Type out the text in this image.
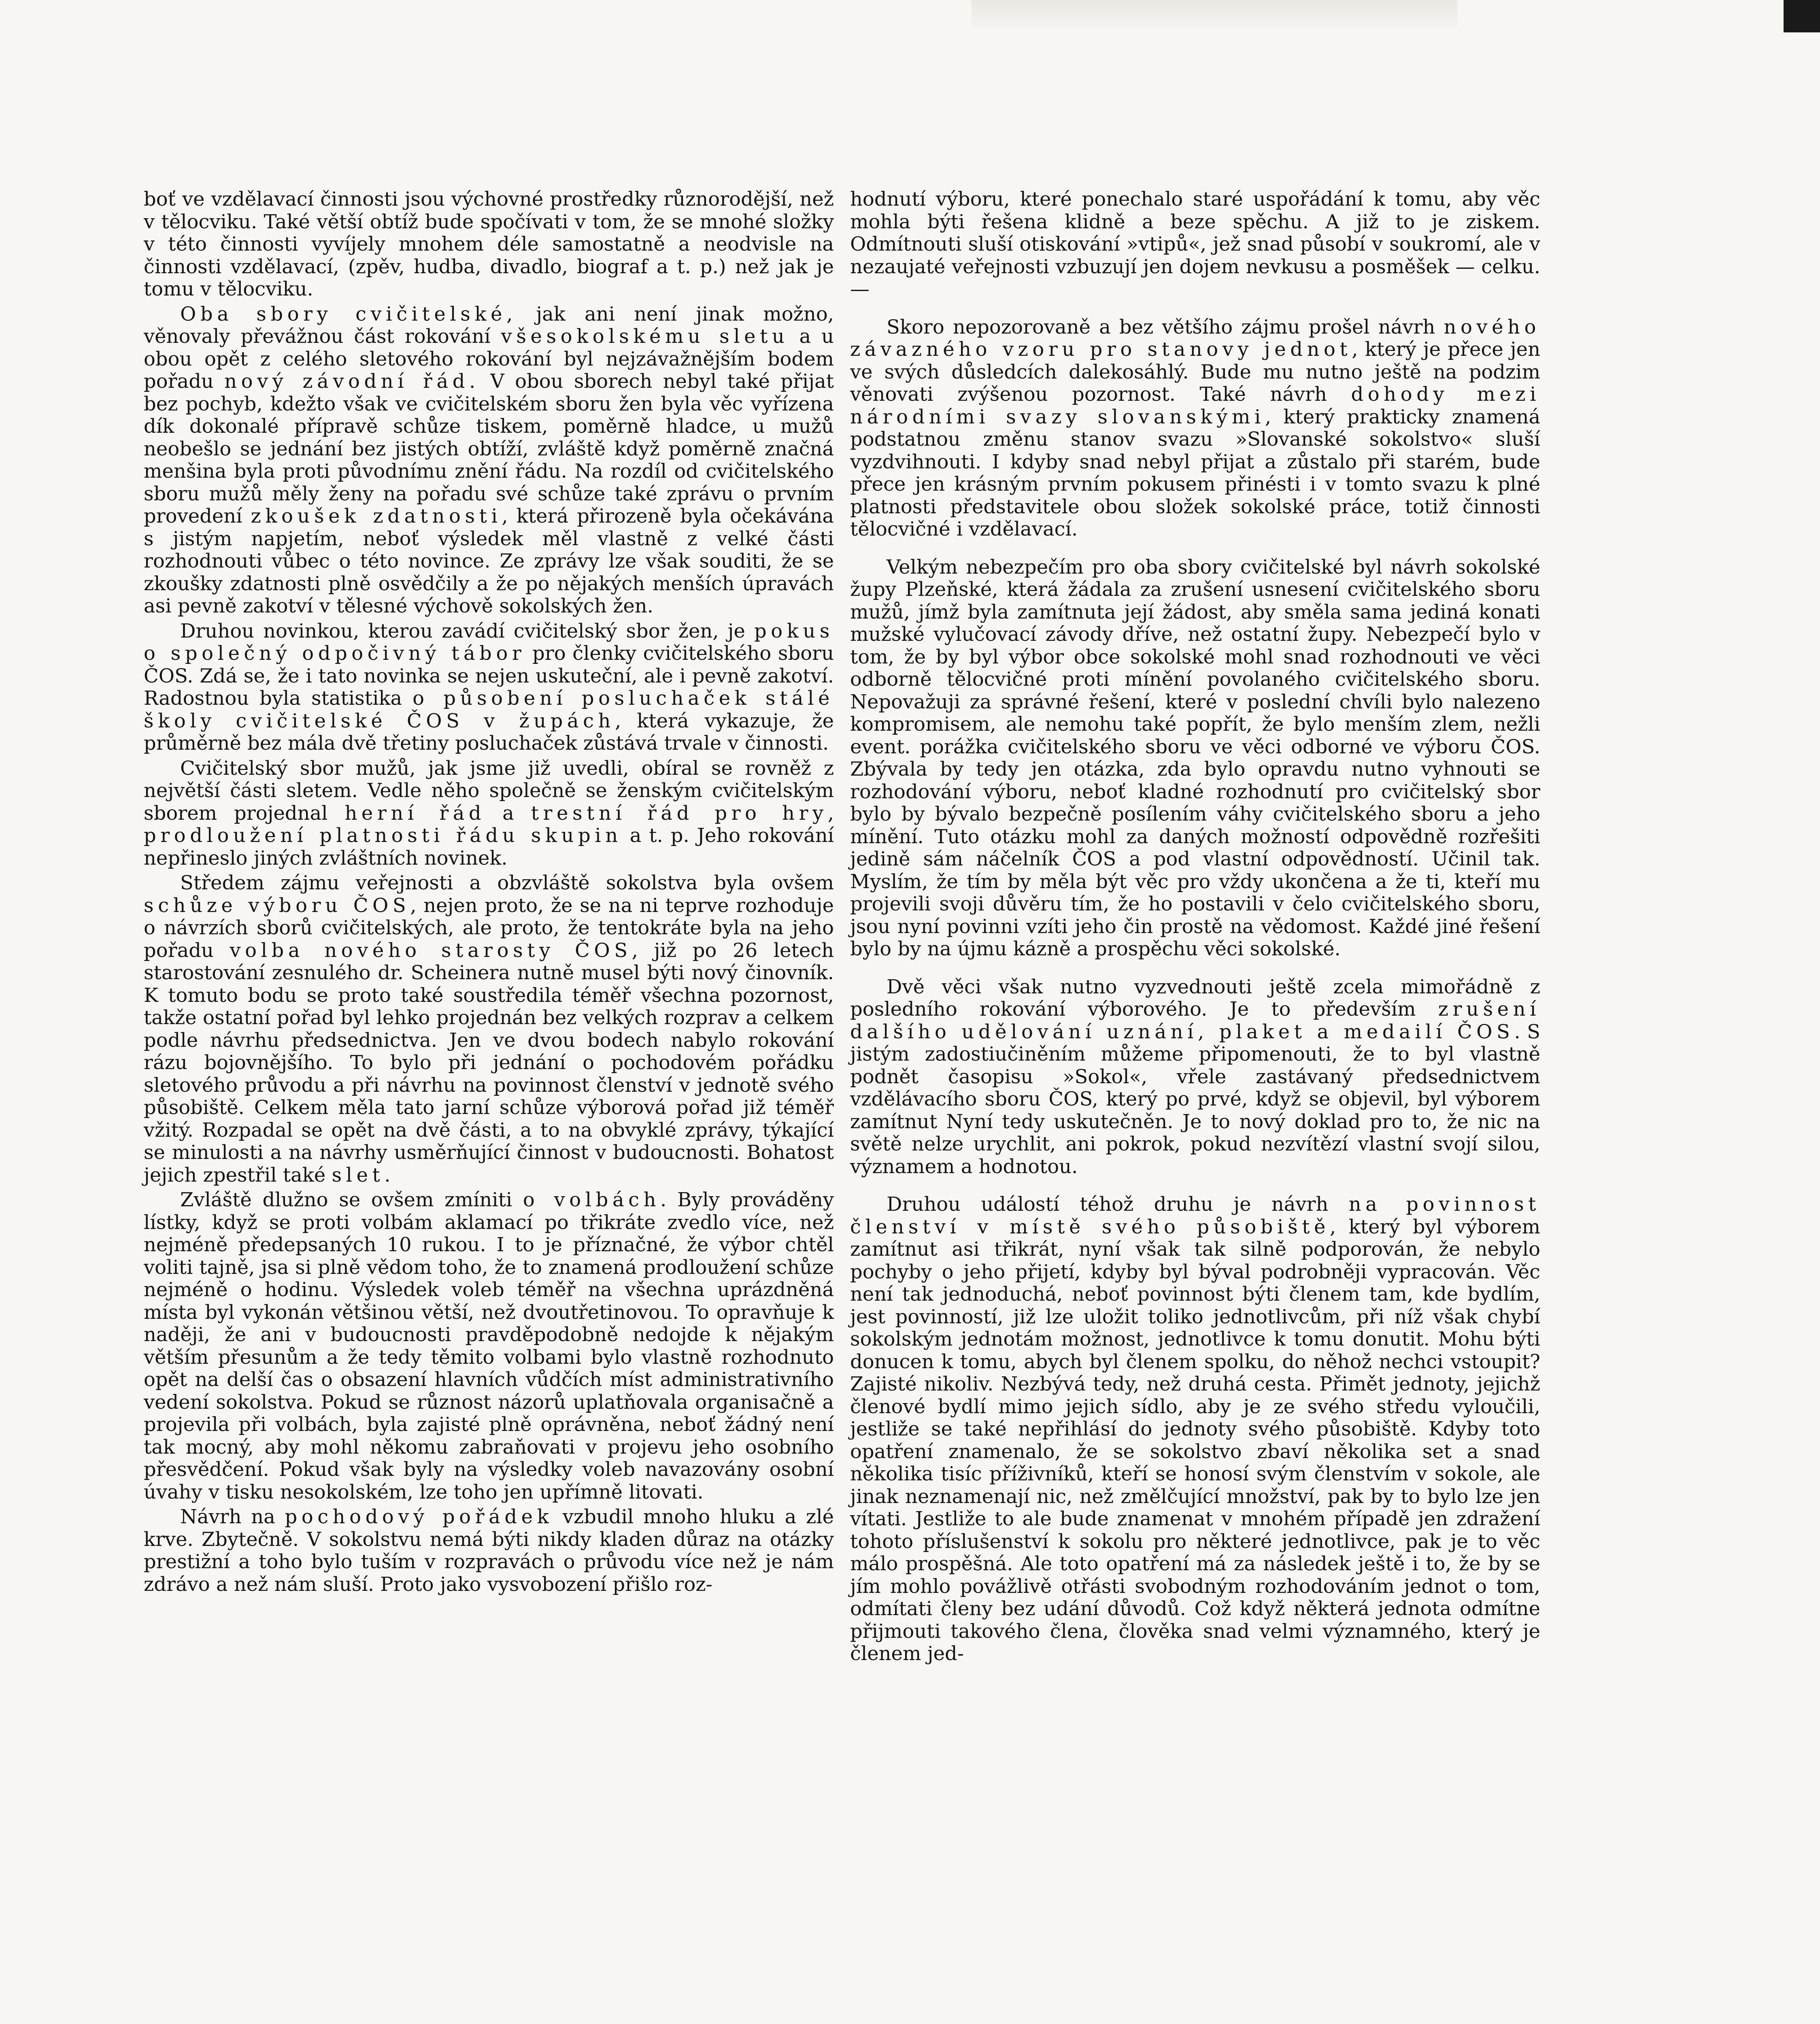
boť ve vzdělavací činnosti jsou výchovné prostředky různorodější, než v tělocviku. Také větší obtíž bude spočívati v tom, že se mnohé složky v této činnosti vyvíjely mnohem déle samostatně a neodvisle na činnosti vzdělavací, (zpěv, hudba, divadlo, biograf a t. p.) než jak je tomu v tělocviku.

Oba sbory cvičitelské, jak ani není jinak možno, věnovaly převážnou část rokování všesokolskému sletu a u obou opět z celého sletového rokování byl nejzávažnějším bodem pořadu nový závodní řád. V obou sborech nebyl také přijat bez pochyb, kdežto však ve cvičitelském sboru žen byla věc vyřízena dík dokonalé přípravě schůze tiskem, poměrně hladce, u mužů neobešlo se jednání bez jistých obtíží, zvláště když poměrně značná menšina byla proti původnímu znění řádu. Na rozdíl od cvičitelského sboru mužů měly ženy na pořadu své schůze také zprávu o prvním provedení zkoušek zdatnosti, která přirozeně byla očekávána s jistým napjetím, neboť výsledek měl vlastně z velké části rozhodnouti vůbec o této novince. Ze zprávy lze však souditi, že se zkoušky zdatnosti plně osvědčily a že po nějakých menších úpravách asi pevně zakotví v tělesné výchově sokolských žen.

Druhou novinkou, kterou zavádí cvičitelský sbor žen, je pokus o společný odpočivný tábor pro členky cvičitelského sboru ČOS. Zdá se, že i tato novinka se nejen uskuteční, ale i pevně zakotví. Radostnou byla statistika o působení posluchaček stálé školy cvičitelské ČOS v župách, která vykazuje, že průměrně bez mála dvě třetiny posluchaček zůstává trvale v činnosti.

Cvičitelský sbor mužů, jak jsme již uvedli, obíral se rovněž z největší části sletem. Vedle něho společně se ženským cvičitelským sborem projednal herní řád a trestní řád pro hry, prodloužení platnosti řádu skupin a t. p. Jeho rokování nepřineslo jiných zvláštních novinek.

Středem zájmu veřejnosti a obzvláště sokolstva byla ovšem schůze výboru ČOS, nejen proto, že se na ni teprve rozhoduje o návrzích sborů cvičitelských, ale proto, že tentokráte byla na jeho pořadu volba nového starosty ČOS, již po 26 letech starostování zesnulého dr. Scheinera nutně musel býti nový činovník. K tomuto bodu se proto také soustředila téměř všechna pozornost, takže ostatní pořad byl lehko projednán bez velkých rozprav a celkem podle návrhu předsednictva. Jen ve dvou bodech nabylo rokování rázu bojovnějšího. To bylo při jednání o pochodovém pořádku sletového průvodu a při návrhu na povinnost členství v jednotě svého působiště. Celkem měla tato jarní schůze výborová pořad již téměř vžitý. Rozpadal se opět na dvě části, a to na obvyklé zprávy, týkající se minulosti a na návrhy usměrňující činnost v budoucnosti. Bohatost jejich zpestřil také slet.

Zvláště dlužno se ovšem zmíniti o volbách. Byly prováděny lístky, když se proti volbám aklamací po třikráte zvedlo více, než nejméně předepsaných 10 rukou. I to je příznačné, že výbor chtěl voliti tajně, jsa si plně vědom toho, že to znamená prodloužení schůze nejméně o hodinu. Výsledek voleb téměř na všechna uprázdněná místa byl vykonán většinou větší, než dvoutřetinovou. To opravňuje k naději, že ani v budoucnosti pravděpodobně nedojde k nějakým větším přesunům a že tedy těmito volbami bylo vlastně rozhodnuto opět na delší čas o obsazení hlavních vůdčích míst administrativního vedení sokolstva. Pokud se různost názorů uplatňovala organisačně a projevila při volbách, byla zajisté plně oprávněna, neboť žádný není tak mocný, aby mohl někomu zabraňovati v projevu jeho osobního přesvědčení. Pokud však byly na výsledky voleb navazovány osobní úvahy v tisku nesokolském, lze toho jen upřímně litovati.

Návrh na pochodový pořádek vzbudil mnoho hluku a zlé krve. Zbytečně. V sokolstvu nemá býti nikdy kladen důraz na otázky prestižní a toho bylo tuším v rozpravách o průvodu více než je nám zdrávo a než nám sluší. Proto jako vysvobození přišlo roz-

hodnutí výboru, které ponechalo staré uspořádání k tomu, aby věc mohla býti řešena klidně a beze spěchu. A již to je ziskem. Odmítnouti sluší otiskování »vtipů«, jež snad působí v soukromí, ale v nezaujaté veřejnosti vzbuzují jen dojem nevkusu a posměšek — celku. —

Skoro nepozorovaně a bez většího zájmu prošel návrh nového závazného vzoru pro stanovy jednot, který je přece jen ve svých důsledcích dalekosáhlý. Bude mu nutno ještě na podzim věnovati zvýšenou pozornost. Také návrh dohody mezi národními svazy slovanskými, který prakticky znamená podstatnou změnu stanov svazu »Slovanské sokolstvo« sluší vyzdvihnouti. I kdyby snad nebyl přijat a zůstalo při starém, bude přece jen krásným prvním pokusem přinésti i v tomto svazu k plné platnosti představitele obou složek sokolské práce, totiž činnosti tělocvičné i vzdělavací.

Velkým nebezpečím pro oba sbory cvičitelské byl návrh sokolské župy Plzeňské, která žádala za zrušení usnesení cvičitelského sboru mužů, jímž byla zamítnuta její žádost, aby směla sama jediná konati mužské vylučovací závody dříve, než ostatní župy. Nebezpečí bylo v tom, že by byl výbor obce sokolské mohl snad rozhodnouti ve věci odborně tělocvičné proti mínění povolaného cvičitelského sboru. Nepovažuji za správné řešení, které v poslední chvíli bylo nalezeno kompromisem, ale nemohu také popřít, že bylo menším zlem, nežli event. porážka cvičitelského sboru ve věci odborné ve výboru ČOS. Zbývala by tedy jen otázka, zda bylo opravdu nutno vyhnouti se rozhodování výboru, neboť kladné rozhodnutí pro cvičitelský sbor bylo by bývalo bezpečně posílením váhy cvičitelského sboru a jeho mínění. Tuto otázku mohl za daných možností odpovědně rozřešiti jedině sám náčelník ČOS a pod vlastní odpovědností. Učinil tak. Myslím, že tím by měla být věc pro vždy ukončena a že ti, kteří mu projevili svoji důvěru tím, že ho postavili v čelo cvičitelského sboru, jsou nyní povinni vzíti jeho čin prostě na vědomost. Každé jiné řešení bylo by na újmu kázně a prospěchu věci sokolské.

Dvě věci však nutno vyzvednouti ještě zcela mimořádně z posledního rokování výborového. Je to především zrušení dalšího udělování uznání, plaket a medailí ČOS. S jistým zadostiučiněním můžeme připomenouti, že to byl vlastně podnět časopisu »Sokol«, vřele zastávaný předsednictvem vzdělávacího sboru ČOS, který po prvé, když se objevil, byl výborem zamítnut Nyní tedy uskutečněn. Je to nový doklad pro to, že nic na světě nelze urychlit, ani pokrok, pokud nezvítězí vlastní svojí silou, významem a hodnotou.

Druhou událostí téhož druhu je návrh na povinnost členství v místě svého působiště, který byl výborem zamítnut asi třikrát, nyní však tak silně podporován, že nebylo pochyby o jeho přijetí, kdyby byl býval podrobněji vypracován. Věc není tak jednoduchá, neboť povinnost býti členem tam, kde bydlím, jest povinností, již lze uložit toliko jednotlivcům, při níž však chybí sokolským jednotám možnost, jednotlivce k tomu donutit. Mohu býti donucen k tomu, abych byl členem spolku, do něhož nechci vstoupit? Zajisté nikoliv. Nezbývá tedy, než druhá cesta. Přimět jednoty, jejichž členové bydlí mimo jejich sídlo, aby je ze svého středu vyloučili, jestliže se také nepřihlásí do jednoty svého působiště. Kdyby toto opatření znamenalo, že se sokolstvo zbaví několika set a snad několika tisíc příživníků, kteří se honosí svým členstvím v sokole, ale jinak neznamenají nic, než změlčující množství, pak by to bylo lze jen vítati. Jestliže to ale bude znamenat v mnohém případě jen zdražení tohoto příslušenství k sokolu pro některé jednotlivce, pak je to věc málo prospěšná. Ale toto opatření má za následek ještě i to, že by se jím mohlo povážlivě otřásti svobodným rozhodováním jednot o tom, odmítati členy bez udání důvodů. Což když některá jednota odmítne přijmouti takového člena, člověka snad velmi významného, který je členem jed-
